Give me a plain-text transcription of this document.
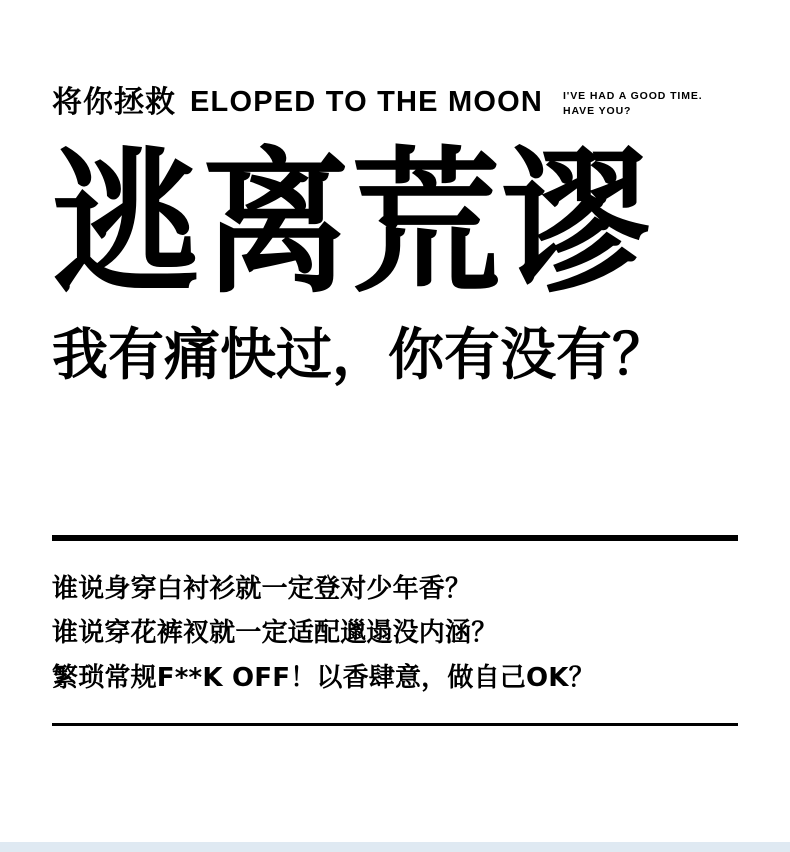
将你拯救 ELOPED TO THE MOON I'VE HAD A GOOD TIME.
HAVE YOU?
逃离荒谬
我有痛快过，你有没有？
谁说身穿白衬衫就一定登对少年香？
谁说穿花裤衩就一定适配邋遢没内涵？
繁琐常规F**K OFF！以香肆意，做自己OK？
